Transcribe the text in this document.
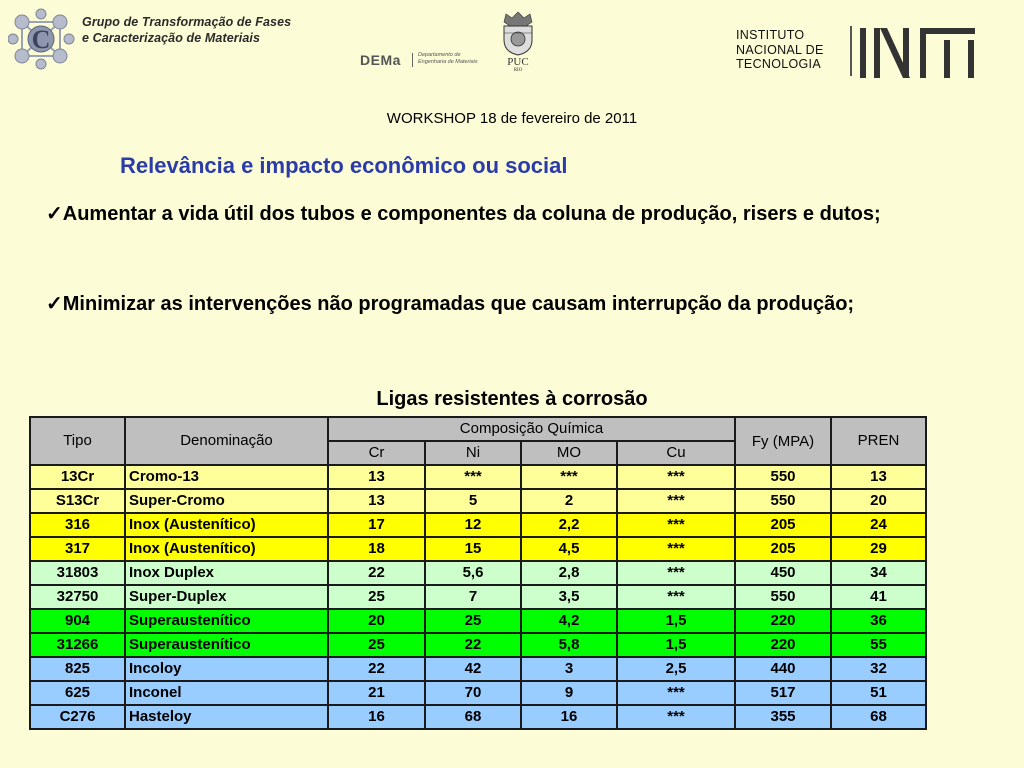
C
Grupo de Transformação de Fases
e Caracterização de Materiais
DEMa	Departamento de
Engenharia de Materiais	PUC
RIO
INSTITUTO
NACIONAL DE
TECNOLOGIA
WORKSHOP 18 de fevereiro de 2011
Relevância e impacto econômico ou social
✓Aumentar a vida útil dos tubos e componentes da coluna de produção, risers e dutos;
✓Minimizar as intervenções não programadas que causam interrupção da produção;
Ligas resistentes à corrosão
Tipo	Denominação	Composição Química				Fy (MPA)	PREN
		Cr	Ni	MO	Cu		
13Cr	Cromo-13	13	***	***	***	550	13
S13Cr	Super-Cromo	13	5	2	***	550	20
316	Inox (Austenítico)	17	12	2,2	***	205	24
317	Inox (Austenítico)	18	15	4,5	***	205	29
31803	Inox Duplex	22	5,6	2,8	***	450	34
32750	Super-Duplex	25	7	3,5	***	550	41
904	Superaustenítico	20	25	4,2	1,5	220	36
31266	Superaustenítico	25	22	5,8	1,5	220	55
825	Incoloy	22	42	3	2,5	440	32
625	Inconel	21	70	9	***	517	51
C276	Hasteloy	16	68	16	***	355	68
